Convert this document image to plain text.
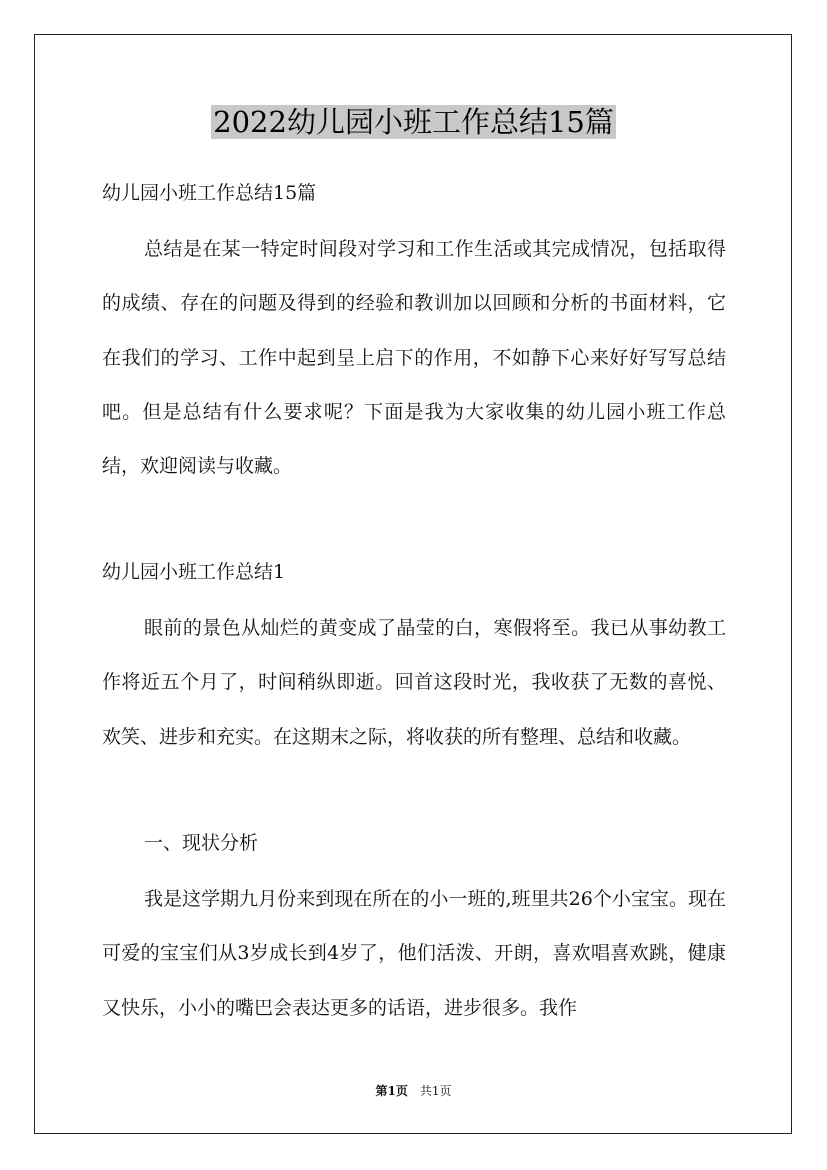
2022幼儿园小班工作总结15篇
幼儿园小班工作总结15篇

总结是在某一特定时间段对学习和工作生活或其完成情况，包括取得的成绩、存在的问题及得到的经验和教训加以回顾和分析的书面材料，它在我们的学习、工作中起到呈上启下的作用，不如静下心来好好写写总结吧。但是总结有什么要求呢？下面是我为大家收集的幼儿园小班工作总结，欢迎阅读与收藏。

幼儿园小班工作总结1

眼前的景色从灿烂的黄变成了晶莹的白，寒假将至。我已从事幼教工作将近五个月了，时间稍纵即逝。回首这段时光，我收获了无数的喜悦、欢笑、进步和充实。在这期末之际，将收获的所有整理、总结和收藏。

一、现状分析

我是这学期九月份来到现在所在的小一班的,班里共26个小宝宝。现在可爱的宝宝们从3岁成长到4岁了，他们活泼、开朗，喜欢唱喜欢跳，健康又快乐，小小的嘴巴会表达更多的话语，进步很多。我作

第1页 共1页
